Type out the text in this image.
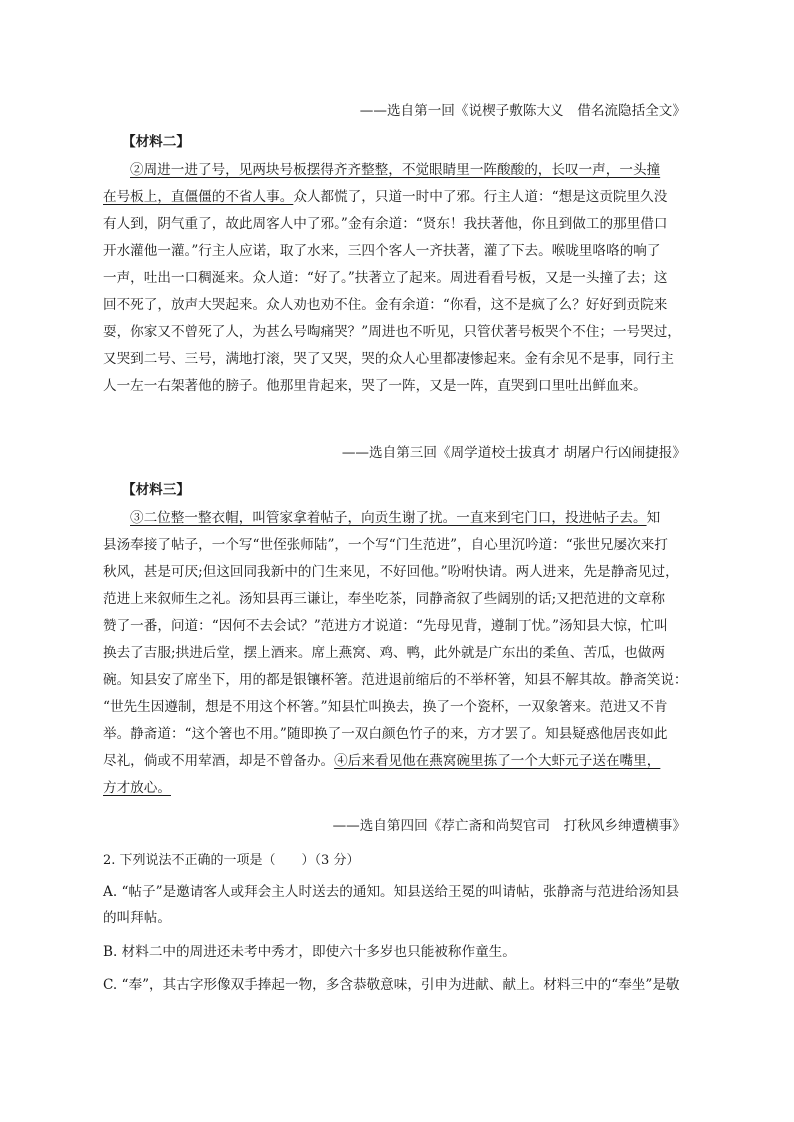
——选自第一回《说楔子敷陈大义　借名流隐括全文》
【材料二】
②周进一进了号，见两块号板摆得齐齐整整，不觉眼睛里一阵酸酸的，长叹一声，一头撞
在号板上，直僵僵的不省人事。众人都慌了，只道一时中了邪。行主人道：“想是这贡院里久没
有人到，阴气重了，故此周客人中了邪。”金有余道：“贤东！我扶著他，你且到做工的那里借口
开水灌他一灌。”行主人应诺，取了水来，三四个客人一齐扶著，灌了下去。喉咙里咯咯的响了
一声，吐出一口稠涎来。众人道：“好了。”扶著立了起来。周进看看号板，又是一头撞了去；这
回不死了，放声大哭起来。众人劝也劝不住。金有余道：“你看，这不是疯了么？好好到贡院来
耍，你家又不曾死了人，为甚么号啕痛哭？”周进也不听见，只管伏著号板哭个不住；一号哭过，
又哭到二号、三号，满地打滚，哭了又哭，哭的众人心里都凄惨起来。金有余见不是事，同行主
人一左一右架著他的膀子。他那里肯起来，哭了一阵，又是一阵，直哭到口里吐出鲜血来。
——选自第三回《周学道校士拔真才 胡屠户行凶闹捷报》
【材料三】
③二位整一整衣帽，叫管家拿着帖子，向贡生谢了扰。一直来到宅门口，投进帖子去。知
县汤奉接了帖子，一个写“世侄张师陆”，一个写“门生范进”，自心里沉吟道：“张世兄屡次来打
秋风，甚是可厌;但这回同我新中的门生来见，不好回他。”吩咐快请。两人进来，先是静斋见过，
范进上来叙师生之礼。汤知县再三谦让，奉坐吃茶，同静斋叙了些阔别的话;又把范进的文章称
赞了一番，问道：“因何不去会试？”范进方才说道：“先母见背，遵制丁忧。”汤知县大惊，忙叫
换去了吉服;拱进后堂，摆上酒来。席上燕窝、鸡、鸭，此外就是广东出的柔鱼、苦瓜，也做两
碗。知县安了席坐下，用的都是银镶杯箸。范进退前缩后的不举杯箸，知县不解其故。静斋笑说：
“世先生因遵制，想是不用这个杯箸。”知县忙叫换去，换了一个瓷杯，一双象箸来。范进又不肯
举。静斋道：“这个箸也不用。”随即换了一双白颜色竹子的来，方才罢了。知县疑惑他居丧如此
尽礼，倘或不用荤酒，却是不曾备办。④后来看见他在燕窝碗里拣了一个大虾元子送在嘴里，
方才放心。
——选自第四回《荐亡斋和尚契官司　打秋风乡绅遭横事》
2. 下列说法不正确的一项是（　　）（3 分）
A. “帖子”是邀请客人或拜会主人时送去的通知。知县送给王冕的叫请帖，张静斋与范进给汤知县
的叫拜帖。
B. 材料二中的周进还未考中秀才，即使六十多岁也只能被称作童生。
C. “奉”，其古字形像双手捧起一物，多含恭敬意味，引申为进献、献上。材料三中的“奉坐”是敬
